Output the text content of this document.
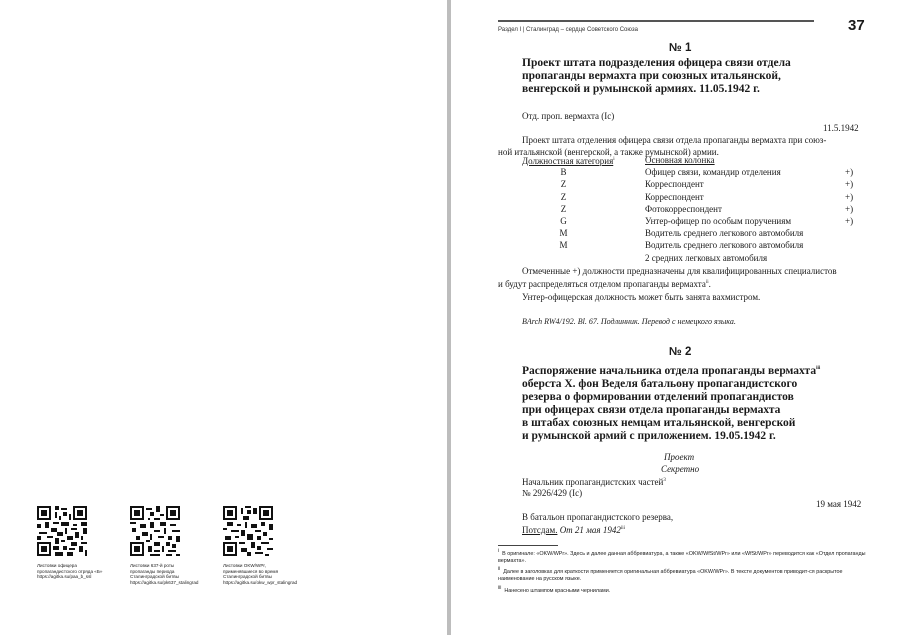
Листовки офицера
пропагандистского отряда «Б»
https://agitka.su/paa_b_ssl
Листовки 637-й роты
пропаганды периода
Сталинградской битвы
https://agitka.su/pk637_stalingrad
Листовки OKW/WPr,
применявшиеся во время
Сталинградской битвы
https://agitka.su/okw_wpr_stalingrad
Раздел I | Сталинград – сердце Советского Союза	37
№ 1
Проект штата подразделения офицера связи отдела
пропаганды вермахта при союзных итальянской,
венгерской и румынской армиях. 11.05.1942 г.
Отд. проп. вермахта (Ic)
11.5.1942
Проект штата отделения офицера связи отдела пропаганды вермахта при союз-
ной итальянской (венгерской, а также румынской) армии.
Должностная категория$^i$	Основная колонка
B	Офицер связи, командир отделения	+)
Z	Корреспондент	+)
Z	Корреспондент	+)
Z	Фотокорреспондент	+)
G	Унтер-офицер по особым поручениям	+)
M	Водитель среднего легкового автомобиля
M	Водитель среднего легкового автомобиля
2 средних легковых автомобиля
Отмеченные +) должности предназначены для квалифицированных специалистов
и будут распределяться отделом пропаганды вермахта$^{ii}$.
Унтер-офицерская должность может быть занята вахмистром.
BArch RW4/192. Bl. 67. Подлинник. Перевод с немецкого языка.
№ 2
Распоряжение начальника отдела пропаганды вермахта$^{iii}$
оберста Х. фон Веделя батальону пропагандистского
резерва о формировании отделений пропагандистов
при офицерах связи отдела пропаганды вермахта
в штабах союзных немцам итальянской, венгерской
и румынской армий с приложением. 19.05.1942 г.
Проект
Секретно
Начальник пропагандистских частей$^3$
№ 2926/429 (Ic)
19 мая 1942
В батальон пропагандистского резерва,
Потсдам. От 21 мая 1942$^{iii}$
$^i$ В оригинале: «OKW/WPr». Здесь и далее данная аббревиатура, а также «OKW/WfSt/WPr» или «WfSt/WPr» переводится как «Отдел пропаганды вермахта».
$^{ii}$ Далее в заголовках для краткости применяется оригинальная аббревиатура «OKW/WPr». В тексте документов приводит-ся раскрытое наименование на русском языке.
$^{iii}$ Нанесено штампом красными чернилами.
